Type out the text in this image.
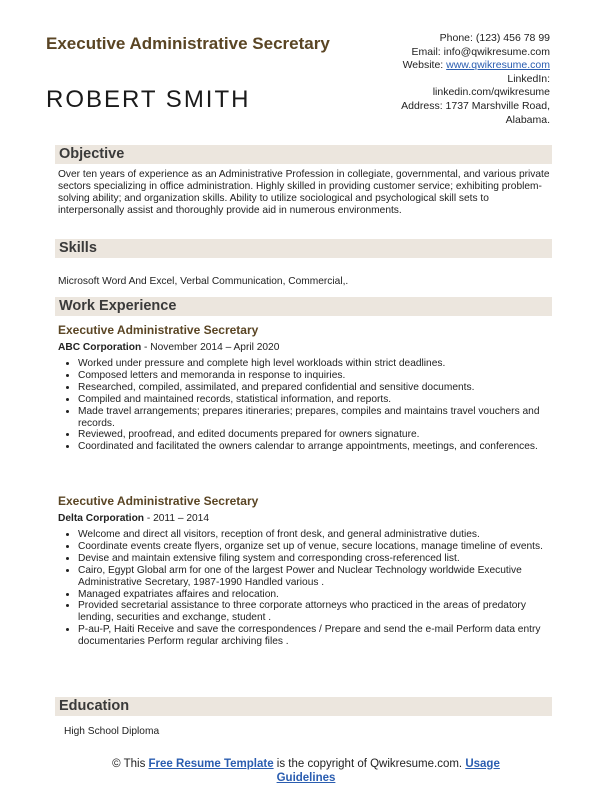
Executive Administrative Secretary
ROBERT SMITH
Phone: (123) 456 78 99
Email: info@qwikresume.com
Website: www.qwikresume.com
LinkedIn:
linkedin.com/qwikresume
Address: 1737 Marshville Road,
Alabama.
Objective
Over ten years of experience as an Administrative Profession in collegiate, governmental, and various private sectors specializing in office administration. Highly skilled in providing customer service; exhibiting problem-solving ability; and organization skills. Ability to utilize sociological and psychological skill sets to interpersonally assist and thoroughly provide aid in numerous environments.
Skills
Microsoft Word And Excel, Verbal Communication, Commercial,.
Work Experience
Executive Administrative Secretary
ABC Corporation - November 2014 – April 2020
• Worked under pressure and complete high level workloads within strict deadlines.
• Composed letters and memoranda in response to inquiries.
• Researched, compiled, assimilated, and prepared confidential and sensitive documents.
• Compiled and maintained records, statistical information, and reports.
• Made travel arrangements; prepares itineraries; prepares, compiles and maintains travel vouchers and records.
• Reviewed, proofread, and edited documents prepared for owners signature.
• Coordinated and facilitated the owners calendar to arrange appointments, meetings, and conferences.
Executive Administrative Secretary
Delta Corporation - 2011 – 2014
• Welcome and direct all visitors, reception of front desk, and general administrative duties.
• Coordinate events create flyers, organize set up of venue, secure locations, manage timeline of events.
• Devise and maintain extensive filing system and corresponding cross-referenced list.
• Cairo, Egypt Global arm for one of the largest Power and Nuclear Technology worldwide Executive Administrative Secretary, 1987-1990 Handled various .
• Managed expatriates affaires and relocation.
• Provided secretarial assistance to three corporate attorneys who practiced in the areas of predatory lending, securities and exchange, student .
• P-au-P, Haiti Receive and save the correspondences / Prepare and send the e-mail Perform data entry documentaries Perform regular archiving files .
Education
High School Diploma
© This Free Resume Template is the copyright of Qwikresume.com. Usage
Guidelines
